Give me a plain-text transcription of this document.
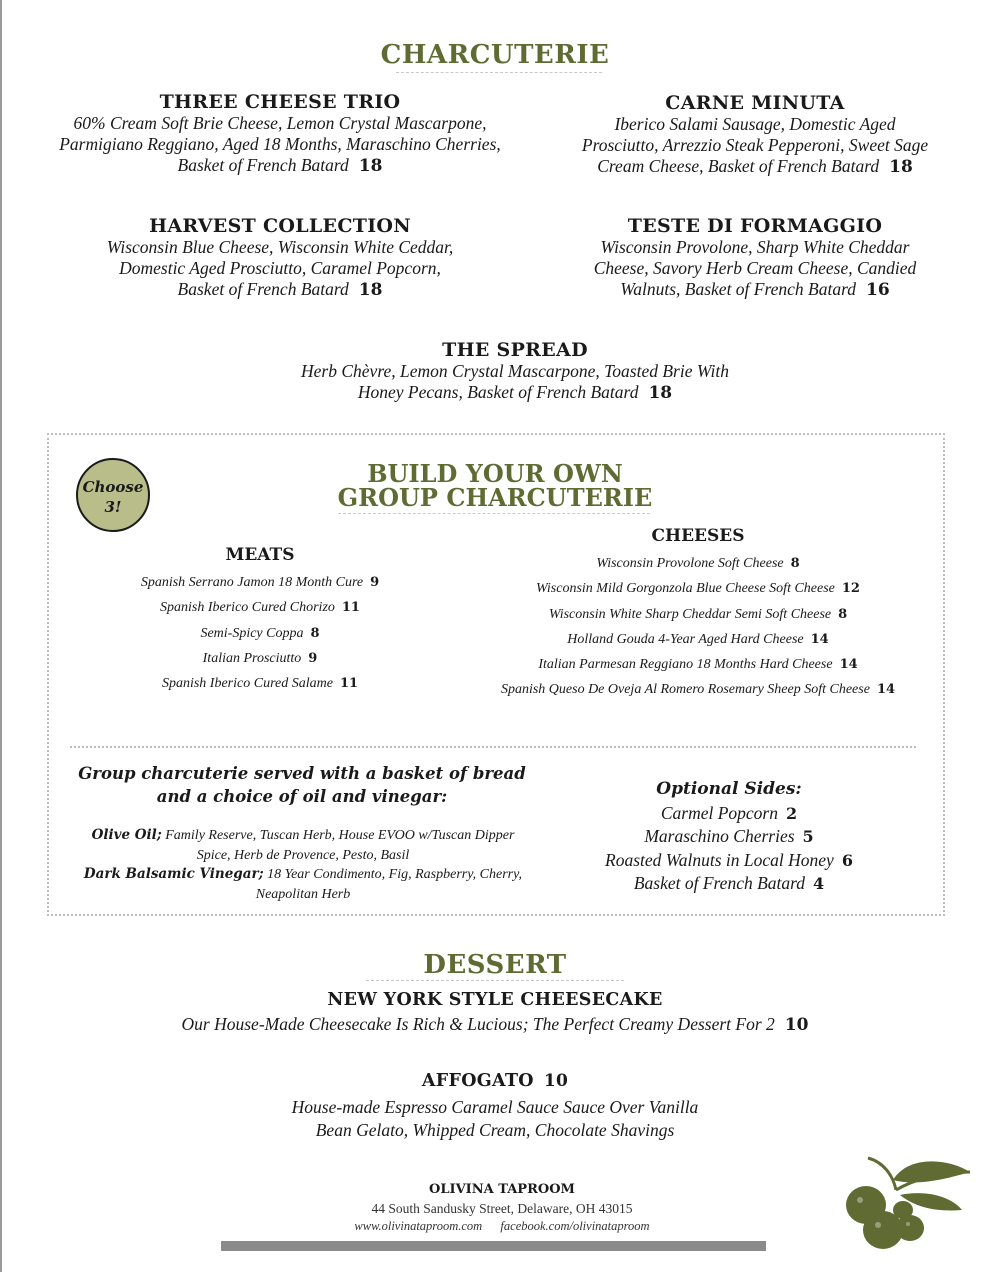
CHARCUTERIE
THREE CHEESE TRIO
60% Cream Soft Brie Cheese, Lemon Crystal Mascarpone,
Parmigiano Reggiano, Aged 18 Months, Maraschino Cherries,
Basket of French Batard 18
CARNE MINUTA
Iberico Salami Sausage, Domestic Aged
Prosciutto, Arrezzio Steak Pepperoni, Sweet Sage
Cream Cheese, Basket of French Batard 18
HARVEST COLLECTION
Wisconsin Blue Cheese, Wisconsin White Ceddar,
Domestic Aged Prosciutto, Caramel Popcorn,
Basket of French Batard 18
TESTE DI FORMAGGIO
Wisconsin Provolone, Sharp White Cheddar
Cheese, Savory Herb Cream Cheese, Candied
Walnuts, Basket of French Batard 16
THE SPREAD
Herb Chèvre, Lemon Crystal Mascarpone, Toasted Brie With
Honey Pecans, Basket of French Batard 18
Choose
3!
BUILD YOUR OWN
GROUP CHARCUTERIE
MEATS
Spanish Serrano Jamon 18 Month Cure 9
Spanish Iberico Cured Chorizo 11
Semi-Spicy Coppa 8
Italian Prosciutto 9
Spanish Iberico Cured Salame 11
CHEESES
Wisconsin Provolone Soft Cheese 8
Wisconsin Mild Gorgonzola Blue Cheese Soft Cheese 12
Wisconsin White Sharp Cheddar Semi Soft Cheese 8
Holland Gouda 4-Year Aged Hard Cheese 14
Italian Parmesan Reggiano 18 Months Hard Cheese 14
Spanish Queso De Oveja Al Romero Rosemary Sheep Soft Cheese 14
Group charcuterie served with a basket of bread
and a choice of oil and vinegar:
Olive Oil; Family Reserve, Tuscan Herb, House EVOO w/Tuscan Dipper
Spice, Herb de Provence, Pesto, Basil
Dark Balsamic Vinegar; 18 Year Condimento, Fig, Raspberry, Cherry,
Neapolitan Herb
Optional Sides:
Carmel Popcorn 2
Maraschino Cherries 5
Roasted Walnuts in Local Honey 6
Basket of French Batard 4
DESSERT
NEW YORK STYLE CHEESECAKE
Our House-Made Cheesecake Is Rich & Lucious; The Perfect Creamy Dessert For 2 10
AFFOGATO 10
House-made Espresso Caramel Sauce Sauce Over Vanilla
Bean Gelato, Whipped Cream, Chocolate Shavings
OLIVINA TAPROOM
44 South Sandusky Street, Delaware, OH 43015
www.olivinataproom.com facebook.com/olivinataproom
